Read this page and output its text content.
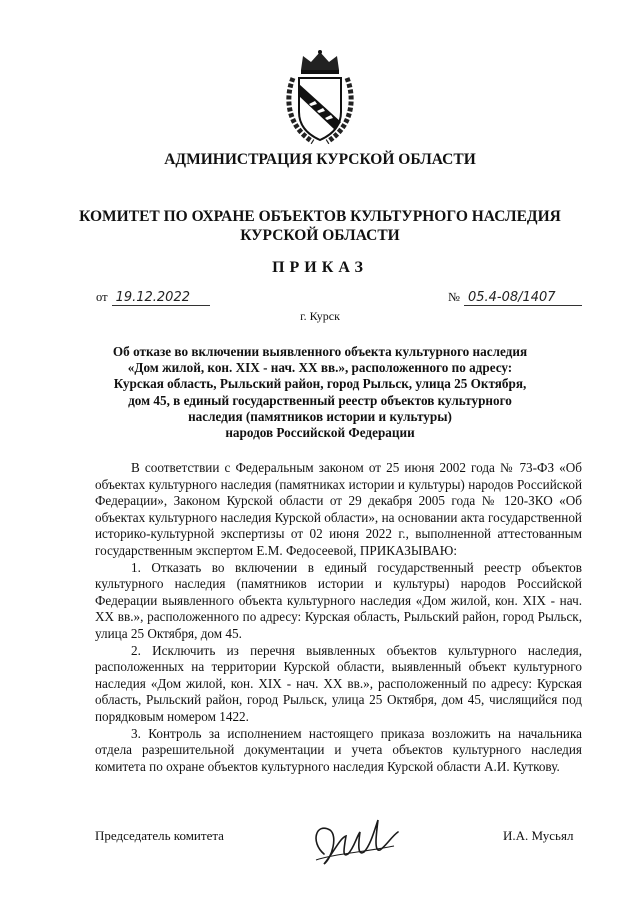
АДМИНИСТРАЦИЯ КУРСКОЙ ОБЛАСТИ
КОМИТЕТ ПО ОХРАНЕ ОБЪЕКТОВ КУЛЬТУРНОГО НАСЛЕДИЯ
КУРСКОЙ ОБЛАСТИ
ПРИКАЗ
от 19.12.2022	№ 05.4-08/1407
г. Курск
Об отказе во включении выявленного объекта культурного наследия
«Дом жилой, кон. XIX - нач. XX вв.», расположенного по адресу:
Курская область, Рыльский район, город Рыльск, улица 25 Октября,
дом 45, в единый государственный реестр объектов культурного
наследия (памятников истории и культуры)
народов Российской Федерации

В соответствии с Федеральным законом от 25 июня 2002 года № 73-ФЗ «Об объектах культурного наследия (памятниках истории и культуры) народов Российской Федерации», Законом Курской области от 29 декабря 2005 года № 120-ЗКО «Об объектах культурного наследия Курской области», на основании акта государственной историко-культурной экспертизы от 02 июня 2022 г., выполненной аттестованным государственным экспертом Е.М. Федосеевой, ПРИКАЗЫВАЮ:

1. Отказать во включении в единый государственный реестр объектов культурного наследия (памятников истории и культуры) народов Российской Федерации выявленного объекта культурного наследия «Дом жилой, кон. XIX - нач. XX вв.», расположенного по адресу: Курская область, Рыльский район, город Рыльск, улица 25 Октября, дом 45.

2. Исключить из перечня выявленных объектов культурного наследия, расположенных на территории Курской области, выявленный объект культурного наследия «Дом жилой, кон. XIX - нач. XX вв.», расположенный по адресу: Курская область, Рыльский район, город Рыльск, улица 25 Октября, дом 45, числящийся под порядковым номером 1422.

3. Контроль за исполнением настоящего приказа возложить на начальника отдела разрешительной документации и учета объектов культурного наследия комитета по охране объектов культурного наследия Курской области А.И. Куткову.

Председатель комитета	И.А. Мусьял
